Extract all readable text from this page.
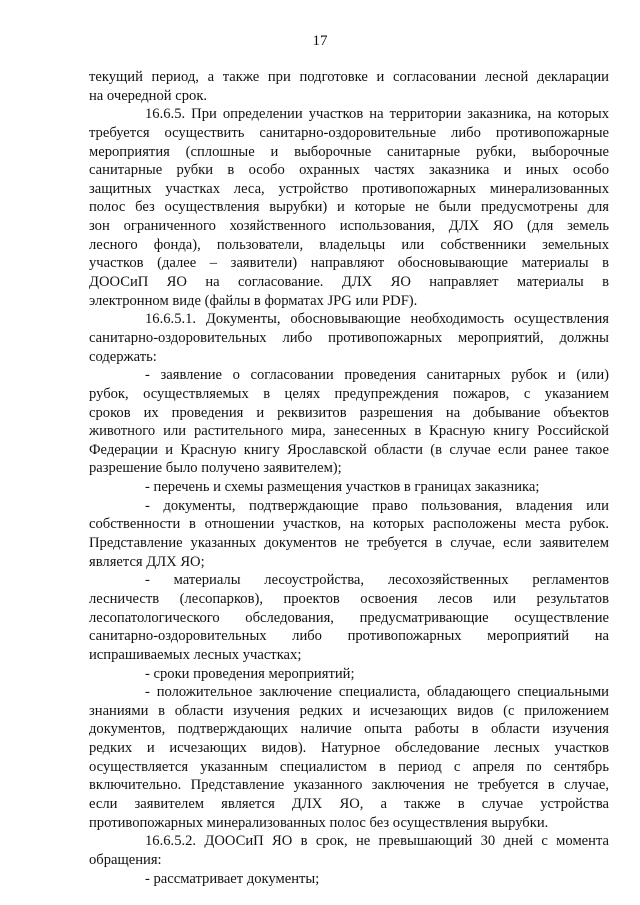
17
текущий период, а также при подготовке и согласовании лесной декларации
на очередной срок.
16.6.5. При определении участков на территории заказника, на которых
требуется осуществить санитарно-оздоровительные либо противопожарные
мероприятия (сплошные и выборочные санитарные рубки, выборочные
санитарные рубки в особо охранных частях заказника и иных особо
защитных участках леса, устройство противопожарных минерализованных
полос без осуществления вырубки) и которые не были предусмотрены для
зон ограниченного хозяйственного использования, ДЛХ ЯО (для земель
лесного фонда), пользователи, владельцы или собственники земельных
участков (далее – заявители) направляют обосновывающие материалы в
ДООСиП ЯО на согласование. ДЛХ ЯО направляет материалы в
электронном виде (файлы в форматах JPG или PDF).
16.6.5.1. Документы, обосновывающие необходимость осуществления
санитарно-оздоровительных либо противопожарных мероприятий, должны
содержать:
- заявление о согласовании проведения санитарных рубок и (или)
рубок, осуществляемых в целях предупреждения пожаров, с указанием
сроков их проведения и реквизитов разрешения на добывание объектов
животного или растительного мира, занесенных в Красную книгу Российской
Федерации и Красную книгу Ярославской области (в случае если ранее такое
разрешение было получено заявителем);
- перечень и схемы размещения участков в границах заказника;
- документы, подтверждающие право пользования, владения или
собственности в отношении участков, на которых расположены места рубок.
Представление указанных документов не требуется в случае, если заявителем
является ДЛХ ЯО;
- материалы лесоустройства, лесохозяйственных регламентов
лесничеств (лесопарков), проектов освоения лесов или результатов
лесопатологического обследования, предусматривающие осуществление
санитарно-оздоровительных либо противопожарных мероприятий на
испрашиваемых лесных участках;
- сроки проведения мероприятий;
- положительное заключение специалиста, обладающего специальными
знаниями в области изучения редких и исчезающих видов (с приложением
документов, подтверждающих наличие опыта работы в области изучения
редких и исчезающих видов). Натурное обследование лесных участков
осуществляется указанным специалистом в период с апреля по сентябрь
включительно. Представление указанного заключения не требуется в случае,
если заявителем является ДЛХ ЯО, а также в случае устройства
противопожарных минерализованных полос без осуществления вырубки.
16.6.5.2. ДООСиП ЯО в срок, не превышающий 30 дней с момента
обращения:
- рассматривает документы;
